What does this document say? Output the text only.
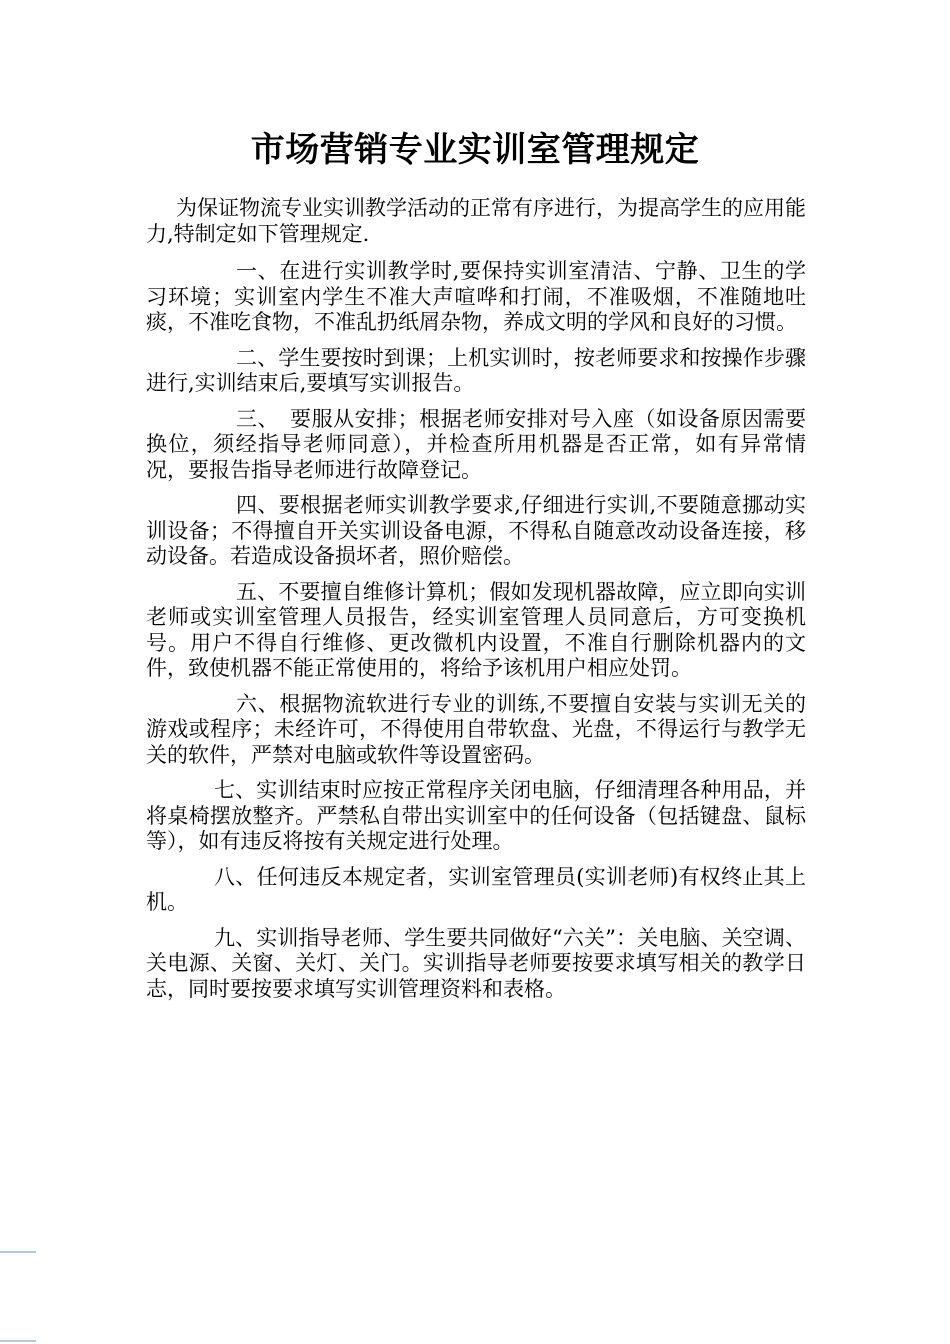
市场营销专业实训室管理规定

为保证物流专业实训教学活动的正常有序进行，为提高学生的应用能力,特制定如下管理规定.

一、在进行实训教学时,要保持实训室清洁、宁静、卫生的学习环境；实训室内学生不准大声喧哗和打闹，不准吸烟，不准随地吐痰，不准吃食物，不准乱扔纸屑杂物，养成文明的学风和良好的习惯。

二、学生要按时到课；上机实训时，按老师要求和按操作步骤进行,实训结束后,要填写实训报告。

三、　要服从安排；根据老师安排对号入座（如设备原因需要换位，须经指导老师同意），并检查所用机器是否正常，如有异常情况，要报告指导老师进行故障登记。

四、要根据老师实训教学要求,仔细进行实训,不要随意挪动实训设备；不得擅自开关实训设备电源，不得私自随意改动设备连接，移动设备。若造成设备损坏者，照价赔偿。

五、不要擅自维修计算机；假如发现机器故障，应立即向实训老师或实训室管理人员报告，经实训室管理人员同意后，方可变换机号。用户不得自行维修、更改微机内设置，不准自行删除机器内的文件，致使机器不能正常使用的，将给予该机用户相应处罚。

六、根据物流软进行专业的训练,不要擅自安装与实训无关的游戏或程序；未经许可，不得使用自带软盘、光盘，不得运行与教学无关的软件，严禁对电脑或软件等设置密码。

七、实训结束时应按正常程序关闭电脑，仔细清理各种用品，并将桌椅摆放整齐。严禁私自带出实训室中的任何设备（包括键盘、鼠标等），如有违反将按有关规定进行处理。

八、任何违反本规定者，实训室管理员(实训老师)有权终止其上机。

九、实训指导老师、学生要共同做好“六关”：关电脑、关空调、关电源、关窗、关灯、关门。实训指导老师要按要求填写相关的教学日志，同时要按要求填写实训管理资料和表格。
